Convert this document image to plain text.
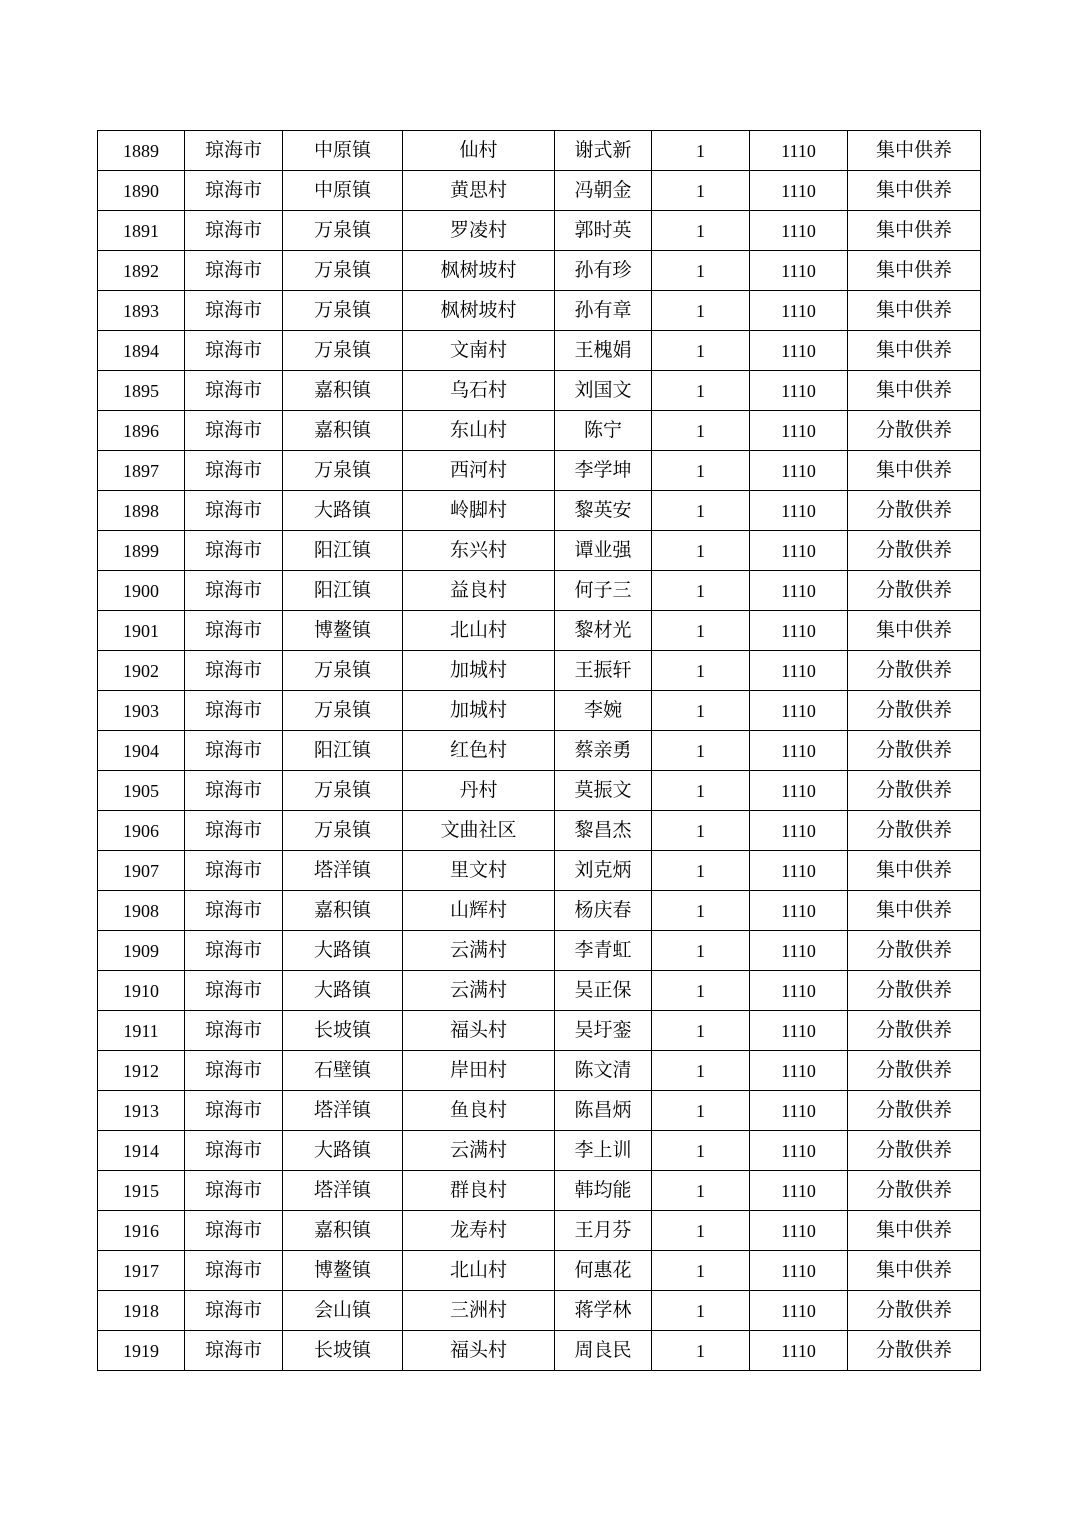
1889	琼海市	中原镇	仙村	谢式新	1	1110	集中供养
1890	琼海市	中原镇	黄思村	冯朝金	1	1110	集中供养
1891	琼海市	万泉镇	罗凌村	郭时英	1	1110	集中供养
1892	琼海市	万泉镇	枫树坡村	孙有珍	1	1110	集中供养
1893	琼海市	万泉镇	枫树坡村	孙有章	1	1110	集中供养
1894	琼海市	万泉镇	文南村	王槐娟	1	1110	集中供养
1895	琼海市	嘉积镇	乌石村	刘国文	1	1110	集中供养
1896	琼海市	嘉积镇	东山村	陈宁	1	1110	分散供养
1897	琼海市	万泉镇	西河村	李学坤	1	1110	集中供养
1898	琼海市	大路镇	岭脚村	黎英安	1	1110	分散供养
1899	琼海市	阳江镇	东兴村	谭业强	1	1110	分散供养
1900	琼海市	阳江镇	益良村	何子三	1	1110	分散供养
1901	琼海市	博鳌镇	北山村	黎材光	1	1110	集中供养
1902	琼海市	万泉镇	加城村	王振轩	1	1110	分散供养
1903	琼海市	万泉镇	加城村	李婉	1	1110	分散供养
1904	琼海市	阳江镇	红色村	蔡亲勇	1	1110	分散供养
1905	琼海市	万泉镇	丹村	莫振文	1	1110	分散供养
1906	琼海市	万泉镇	文曲社区	黎昌杰	1	1110	分散供养
1907	琼海市	塔洋镇	里文村	刘克炳	1	1110	集中供养
1908	琼海市	嘉积镇	山辉村	杨庆春	1	1110	集中供养
1909	琼海市	大路镇	云满村	李青虹	1	1110	分散供养
1910	琼海市	大路镇	云满村	吴正保	1	1110	分散供养
1911	琼海市	长坡镇	福头村	吴圩銮	1	1110	分散供养
1912	琼海市	石壁镇	岸田村	陈文清	1	1110	分散供养
1913	琼海市	塔洋镇	鱼良村	陈昌炳	1	1110	分散供养
1914	琼海市	大路镇	云满村	李上训	1	1110	分散供养
1915	琼海市	塔洋镇	群良村	韩均能	1	1110	分散供养
1916	琼海市	嘉积镇	龙寿村	王月芬	1	1110	集中供养
1917	琼海市	博鳌镇	北山村	何惠花	1	1110	集中供养
1918	琼海市	会山镇	三洲村	蒋学林	1	1110	分散供养
1919	琼海市	长坡镇	福头村	周良民	1	1110	分散供养
